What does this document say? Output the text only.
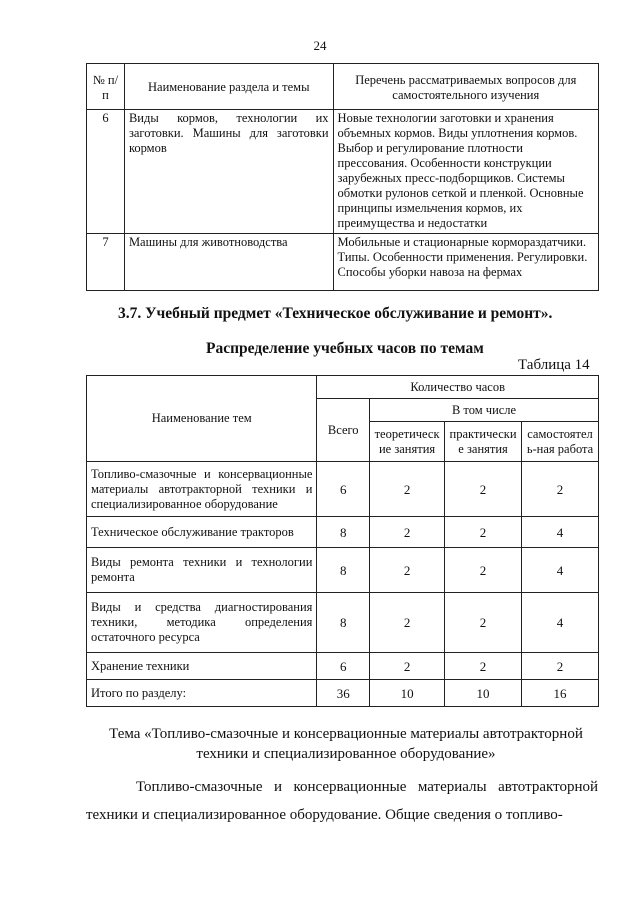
24
№ п/п	Наименование раздела и темы	Перечень рассматриваемых вопросов для самостоятельного изучения
6	Виды кормов, технологии их заготовки. Машины для заготовки кормов	Новые технологии заготовки и хранения объемных кормов. Виды уплотнения кормов. Выбор и регулирование плотности прессования. Особенности конструкции зарубежных пресс-подборщиков. Системы обмотки рулонов сеткой и пленкой. Основные принципы измельчения кормов, их преимущества и недостатки
7	Машины для животноводства	Мобильные и стационарные кормораздатчики. Типы. Особенности применения. Регулировки. Способы уборки навоза на фермах
3.7. Учебный предмет «Техническое обслуживание и ремонт».
Распределение учебных часов по темам
Таблица 14
Наименование тем	Количество часов			
	Всего	В том числе		
		теоретическ ие занятия	практически е занятия	самостоятел ь-ная работа
Топливо-смазочные и консервационные материалы автотракторной техники и специализированное оборудование	6	2	2	2
Техническое обслуживание тракторов	8	2	2	4
Виды ремонта техники и технологии ремонта	8	2	2	4
Виды и средства диагностирования техники, методика определения остаточного ресурса	8	2	2	4
Хранение техники	6	2	2	2
Итого по разделу:	36	10	10	16
Тема «Топливо-смазочные и консервационные материалы автотракторной техники и специализированное оборудование»
Топливо-смазочные и консервационные материалы автотракторной техники и специализированное оборудование. Общие сведения о топливо-
